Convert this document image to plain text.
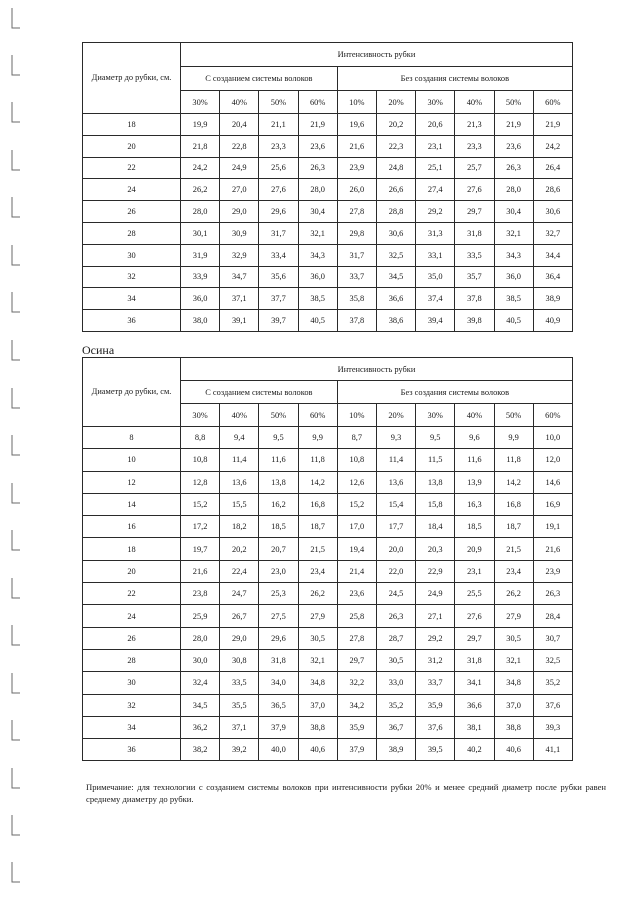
Диаметр до рубки, см.	Интенсивность рубки									
	С созданием системы волоков				Без создания системы волоков					
	30%	40%	50%	60%	10%	20%	30%	40%	50%	60%
18	19,9	20,4	21,1	21,9	19,6	20,2	20,6	21,3	21,9	21,9
20	21,8	22,8	23,3	23,6	21,6	22,3	23,1	23,3	23,6	24,2
22	24,2	24,9	25,6	26,3	23,9	24,8	25,1	25,7	26,3	26,4
24	26,2	27,0	27,6	28,0	26,0	26,6	27,4	27,6	28,0	28,6
26	28,0	29,0	29,6	30,4	27,8	28,8	29,2	29,7	30,4	30,6
28	30,1	30,9	31,7	32,1	29,8	30,6	31,3	31,8	32,1	32,7
30	31,9	32,9	33,4	34,3	31,7	32,5	33,1	33,5	34,3	34,4
32	33,9	34,7	35,6	36,0	33,7	34,5	35,0	35,7	36,0	36,4
34	36,0	37,1	37,7	38,5	35,8	36,6	37,4	37,8	38,5	38,9
36	38,0	39,1	39,7	40,5	37,8	38,6	39,4	39,8	40,5	40,9

Осина

Диаметр до рубки, см.	Интенсивность рубки									
	С созданием системы волоков				Без создания системы волоков					
	30%	40%	50%	60%	10%	20%	30%	40%	50%	60%
8	8,8	9,4	9,5	9,9	8,7	9,3	9,5	9,6	9,9	10,0
10	10,8	11,4	11,6	11,8	10,8	11,4	11,5	11,6	11,8	12,0
12	12,8	13,6	13,8	14,2	12,6	13,6	13,8	13,9	14,2	14,6
14	15,2	15,5	16,2	16,8	15,2	15,4	15,8	16,3	16,8	16,9
16	17,2	18,2	18,5	18,7	17,0	17,7	18,4	18,5	18,7	19,1
18	19,7	20,2	20,7	21,5	19,4	20,0	20,3	20,9	21,5	21,6
20	21,6	22,4	23,0	23,4	21,4	22,0	22,9	23,1	23,4	23,9
22	23,8	24,7	25,3	26,2	23,6	24,5	24,9	25,5	26,2	26,3
24	25,9	26,7	27,5	27,9	25,8	26,3	27,1	27,6	27,9	28,4
26	28,0	29,0	29,6	30,5	27,8	28,7	29,2	29,7	30,5	30,7
28	30,0	30,8	31,8	32,1	29,7	30,5	31,2	31,8	32,1	32,5
30	32,4	33,5	34,0	34,8	32,2	33,0	33,7	34,1	34,8	35,2
32	34,5	35,5	36,5	37,0	34,2	35,2	35,9	36,6	37,0	37,6
34	36,2	37,1	37,9	38,8	35,9	36,7	37,6	38,1	38,8	39,3
36	38,2	39,2	40,0	40,6	37,9	38,9	39,5	40,2	40,6	41,1

Примечание: для технологии с созданием системы волоков при интенсивности рубки 20% и менее средний диаметр после рубки равен среднему диаметру до рубки.
